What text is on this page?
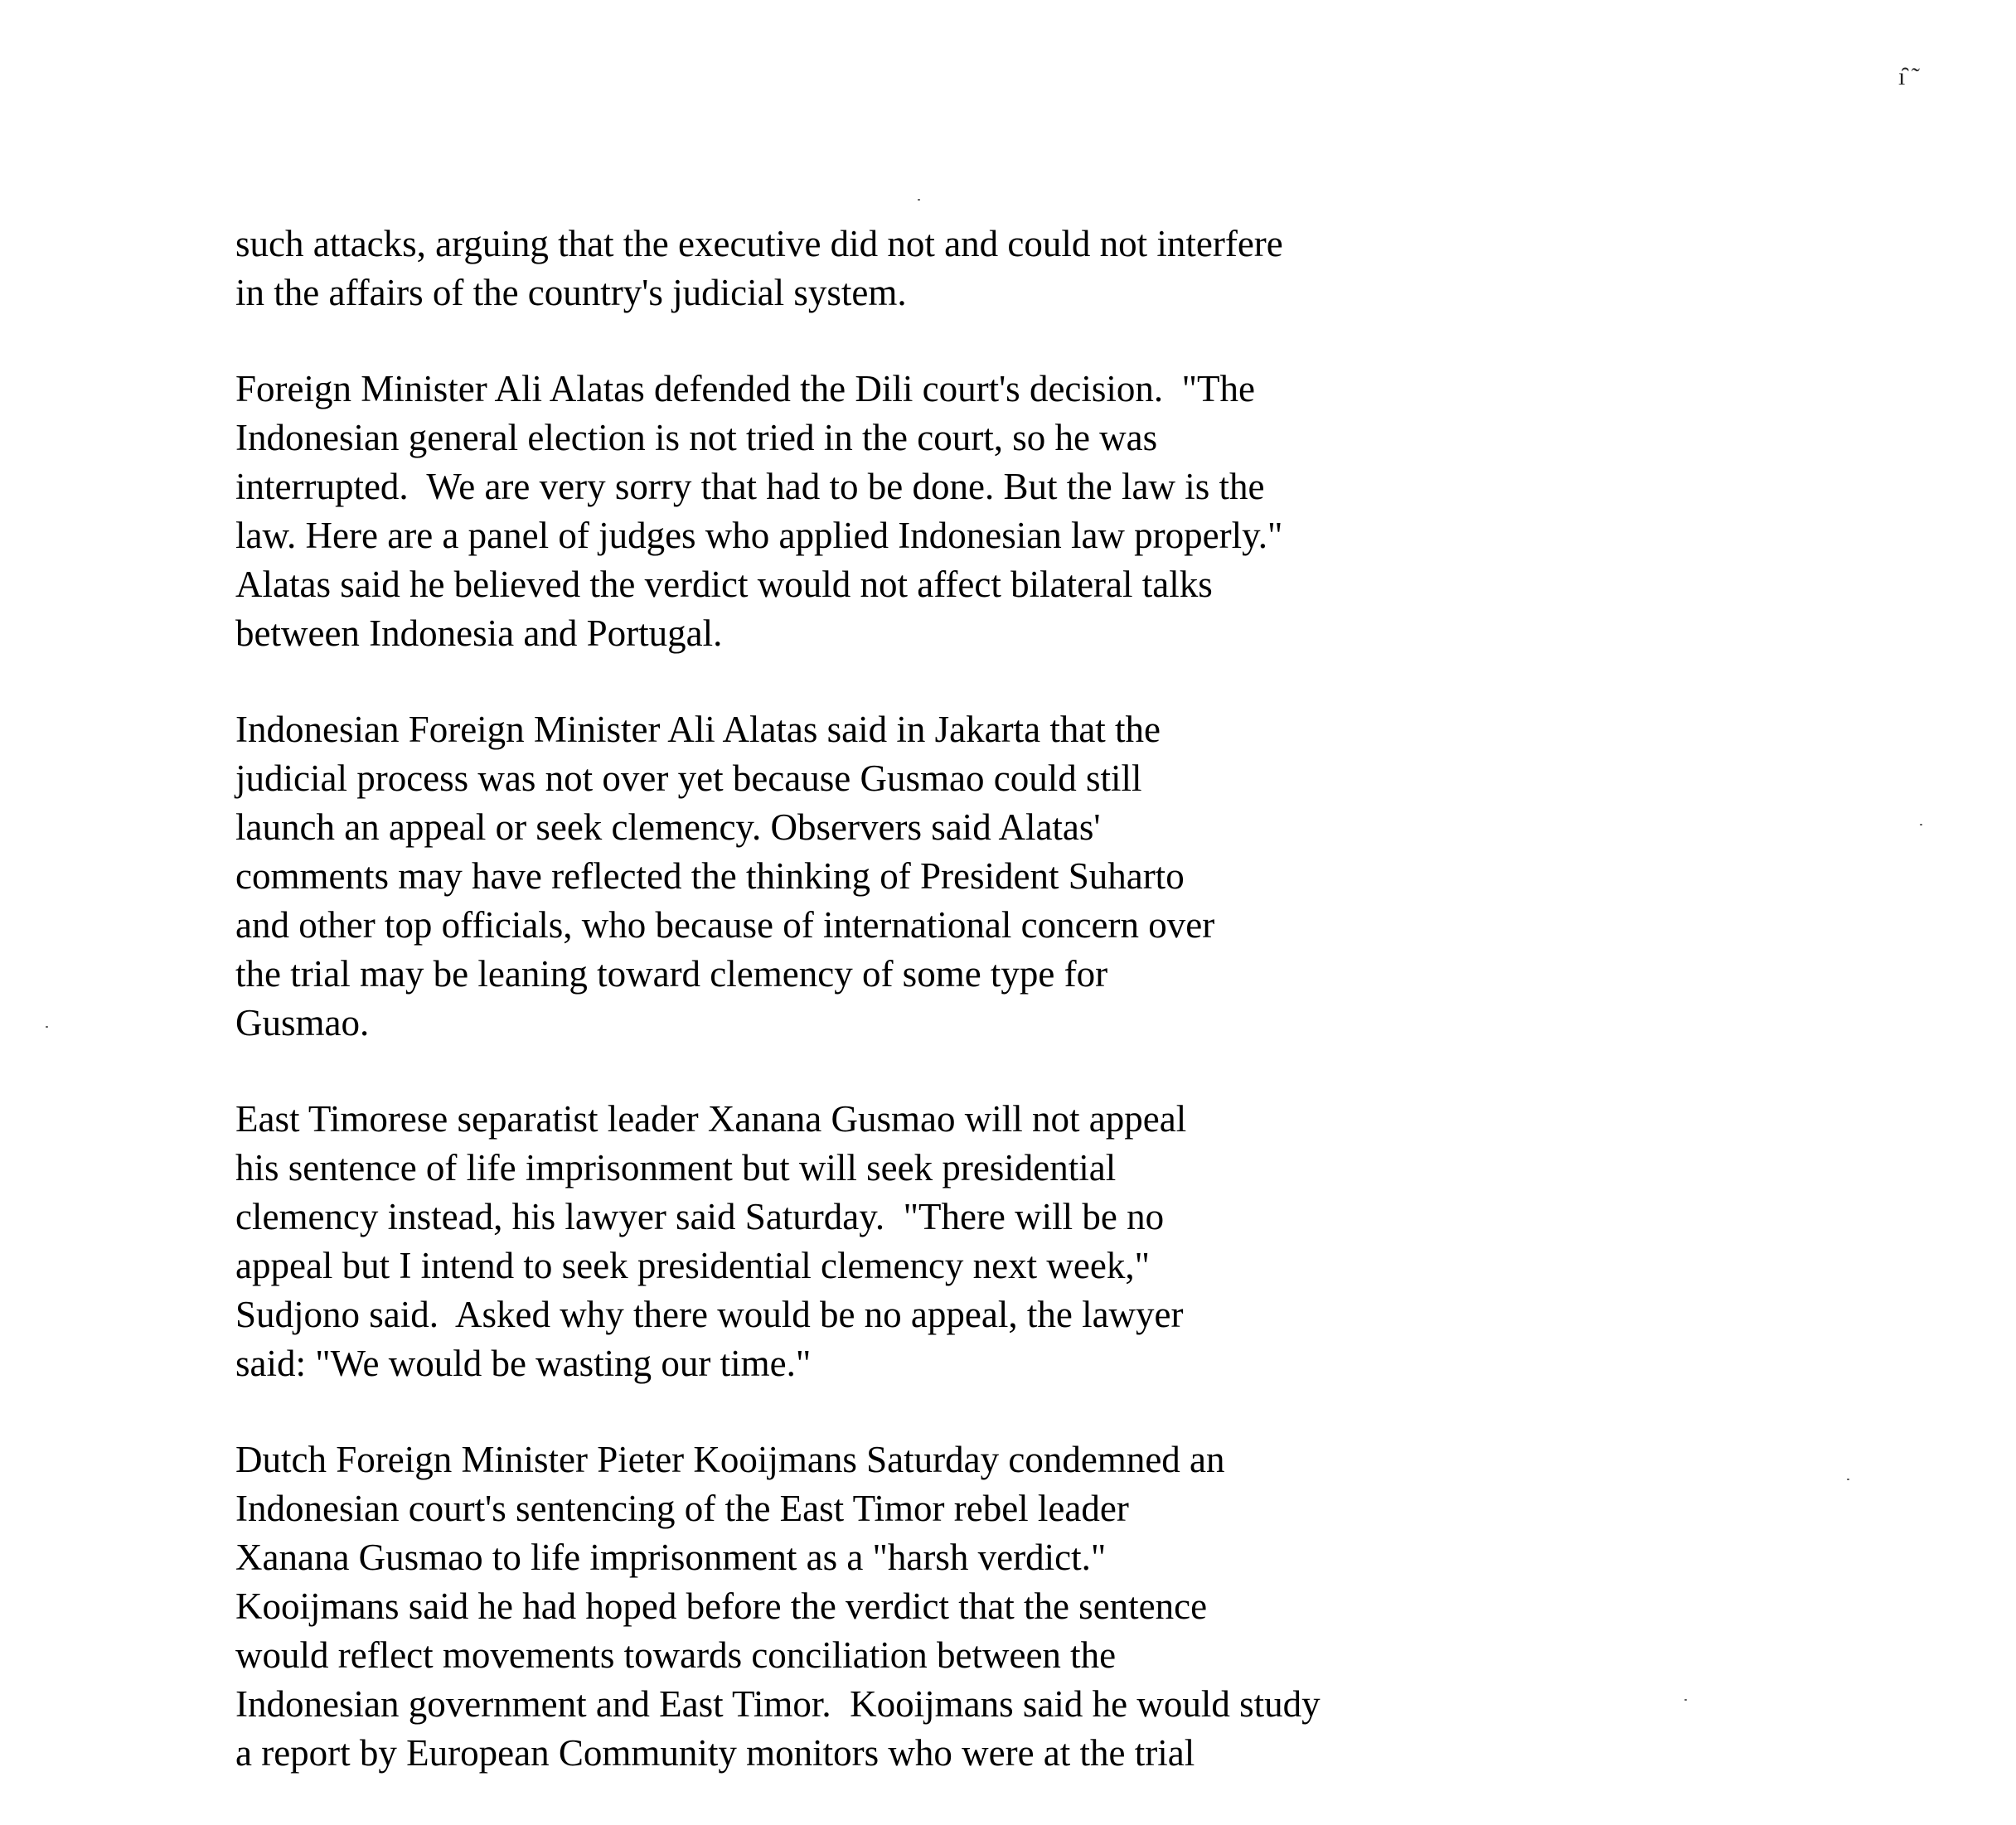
ı̑ ˜
such attacks, arguing that the executive did not and could not interfere
in the affairs of the country's judicial system.
Foreign Minister Ali Alatas defended the Dili court's decision.  "The
Indonesian general election is not tried in the court, so he was
interrupted.  We are very sorry that had to be done. But the law is the
law. Here are a panel of judges who applied Indonesian law properly."
Alatas said he believed the verdict would not affect bilateral talks
between Indonesia and Portugal.
Indonesian Foreign Minister Ali Alatas said in Jakarta that the
judicial process was not over yet because Gusmao could still
launch an appeal or seek clemency. Observers said Alatas'
comments may have reflected the thinking of President Suharto
and other top officials, who because of international concern over
the trial may be leaning toward clemency of some type for
Gusmao.
East Timorese separatist leader Xanana Gusmao will not appeal
his sentence of life imprisonment but will seek presidential
clemency instead, his lawyer said Saturday.  "There will be no
appeal but I intend to seek presidential clemency next week,"
Sudjono said.  Asked why there would be no appeal, the lawyer
said: "We would be wasting our time."
Dutch Foreign Minister Pieter Kooijmans Saturday condemned an
Indonesian court's sentencing of the East Timor rebel leader
Xanana Gusmao to life imprisonment as a "harsh verdict."
Kooijmans said he had hoped before the verdict that the sentence
would reflect movements towards conciliation between the
Indonesian government and East Timor.  Kooijmans said he would study
a report by European Community monitors who were at the trial
